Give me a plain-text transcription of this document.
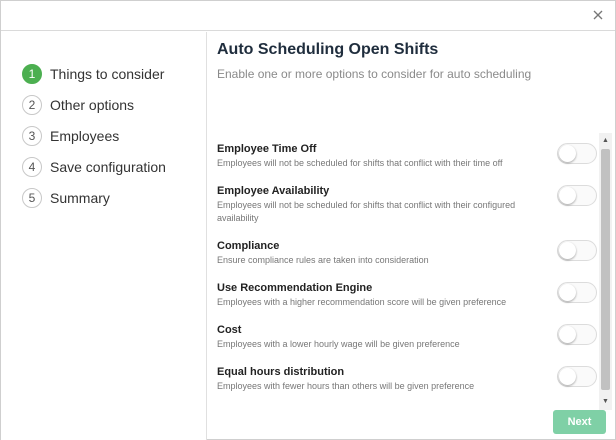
1	Things to consider
2	Other options
3	Employees
4	Save configuration
5	Summary
Auto Scheduling Open Shifts
Enable one or more options to consider for auto scheduling
Employee Time Off
Employees will not be scheduled for shifts that conflict with their time off
Employee Availability
Employees will not be scheduled for shifts that conflict with their configured availability
Compliance
Ensure compliance rules are taken into consideration
Use Recommendation Engine
Employees with a higher recommendation score will be given preference
Cost
Employees with a lower hourly wage will be given preference
Equal hours distribution
Employees with fewer hours than others will be given preference
▲
▼
Next
